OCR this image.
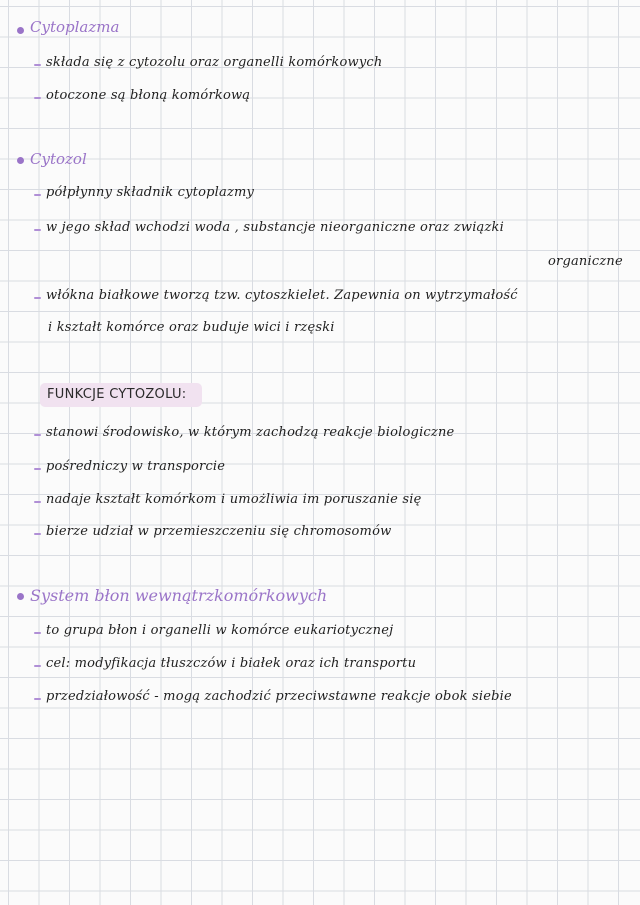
Cytoplazma
składa się z cytozolu oraz organelli komórkowych
otoczone są błoną komórkową
Cytozol
półpłynny składnik cytoplazmy
w jego skład wchodzi woda , substancje nieorganiczne oraz związki
organiczne
włókna białkowe tworzą tzw. cytoszkielet. Zapewnia on wytrzymałość
i kształt komórce oraz buduje wici i rzęski
FUNKCJE CYTOZOLU:
stanowi środowisko, w którym zachodzą reakcje biologiczne
pośredniczy w transporcie
nadaje kształt komórkom i umożliwia im poruszanie się
bierze udział w przemieszczeniu się chromosomów
System błon wewnątrzkomórkowych
to grupa błon i organelli w komórce eukariotycznej
cel: modyfikacja tłuszczów i białek oraz ich transportu
przedziałowość - mogą zachodzić przeciwstawne reakcje obok siebie
